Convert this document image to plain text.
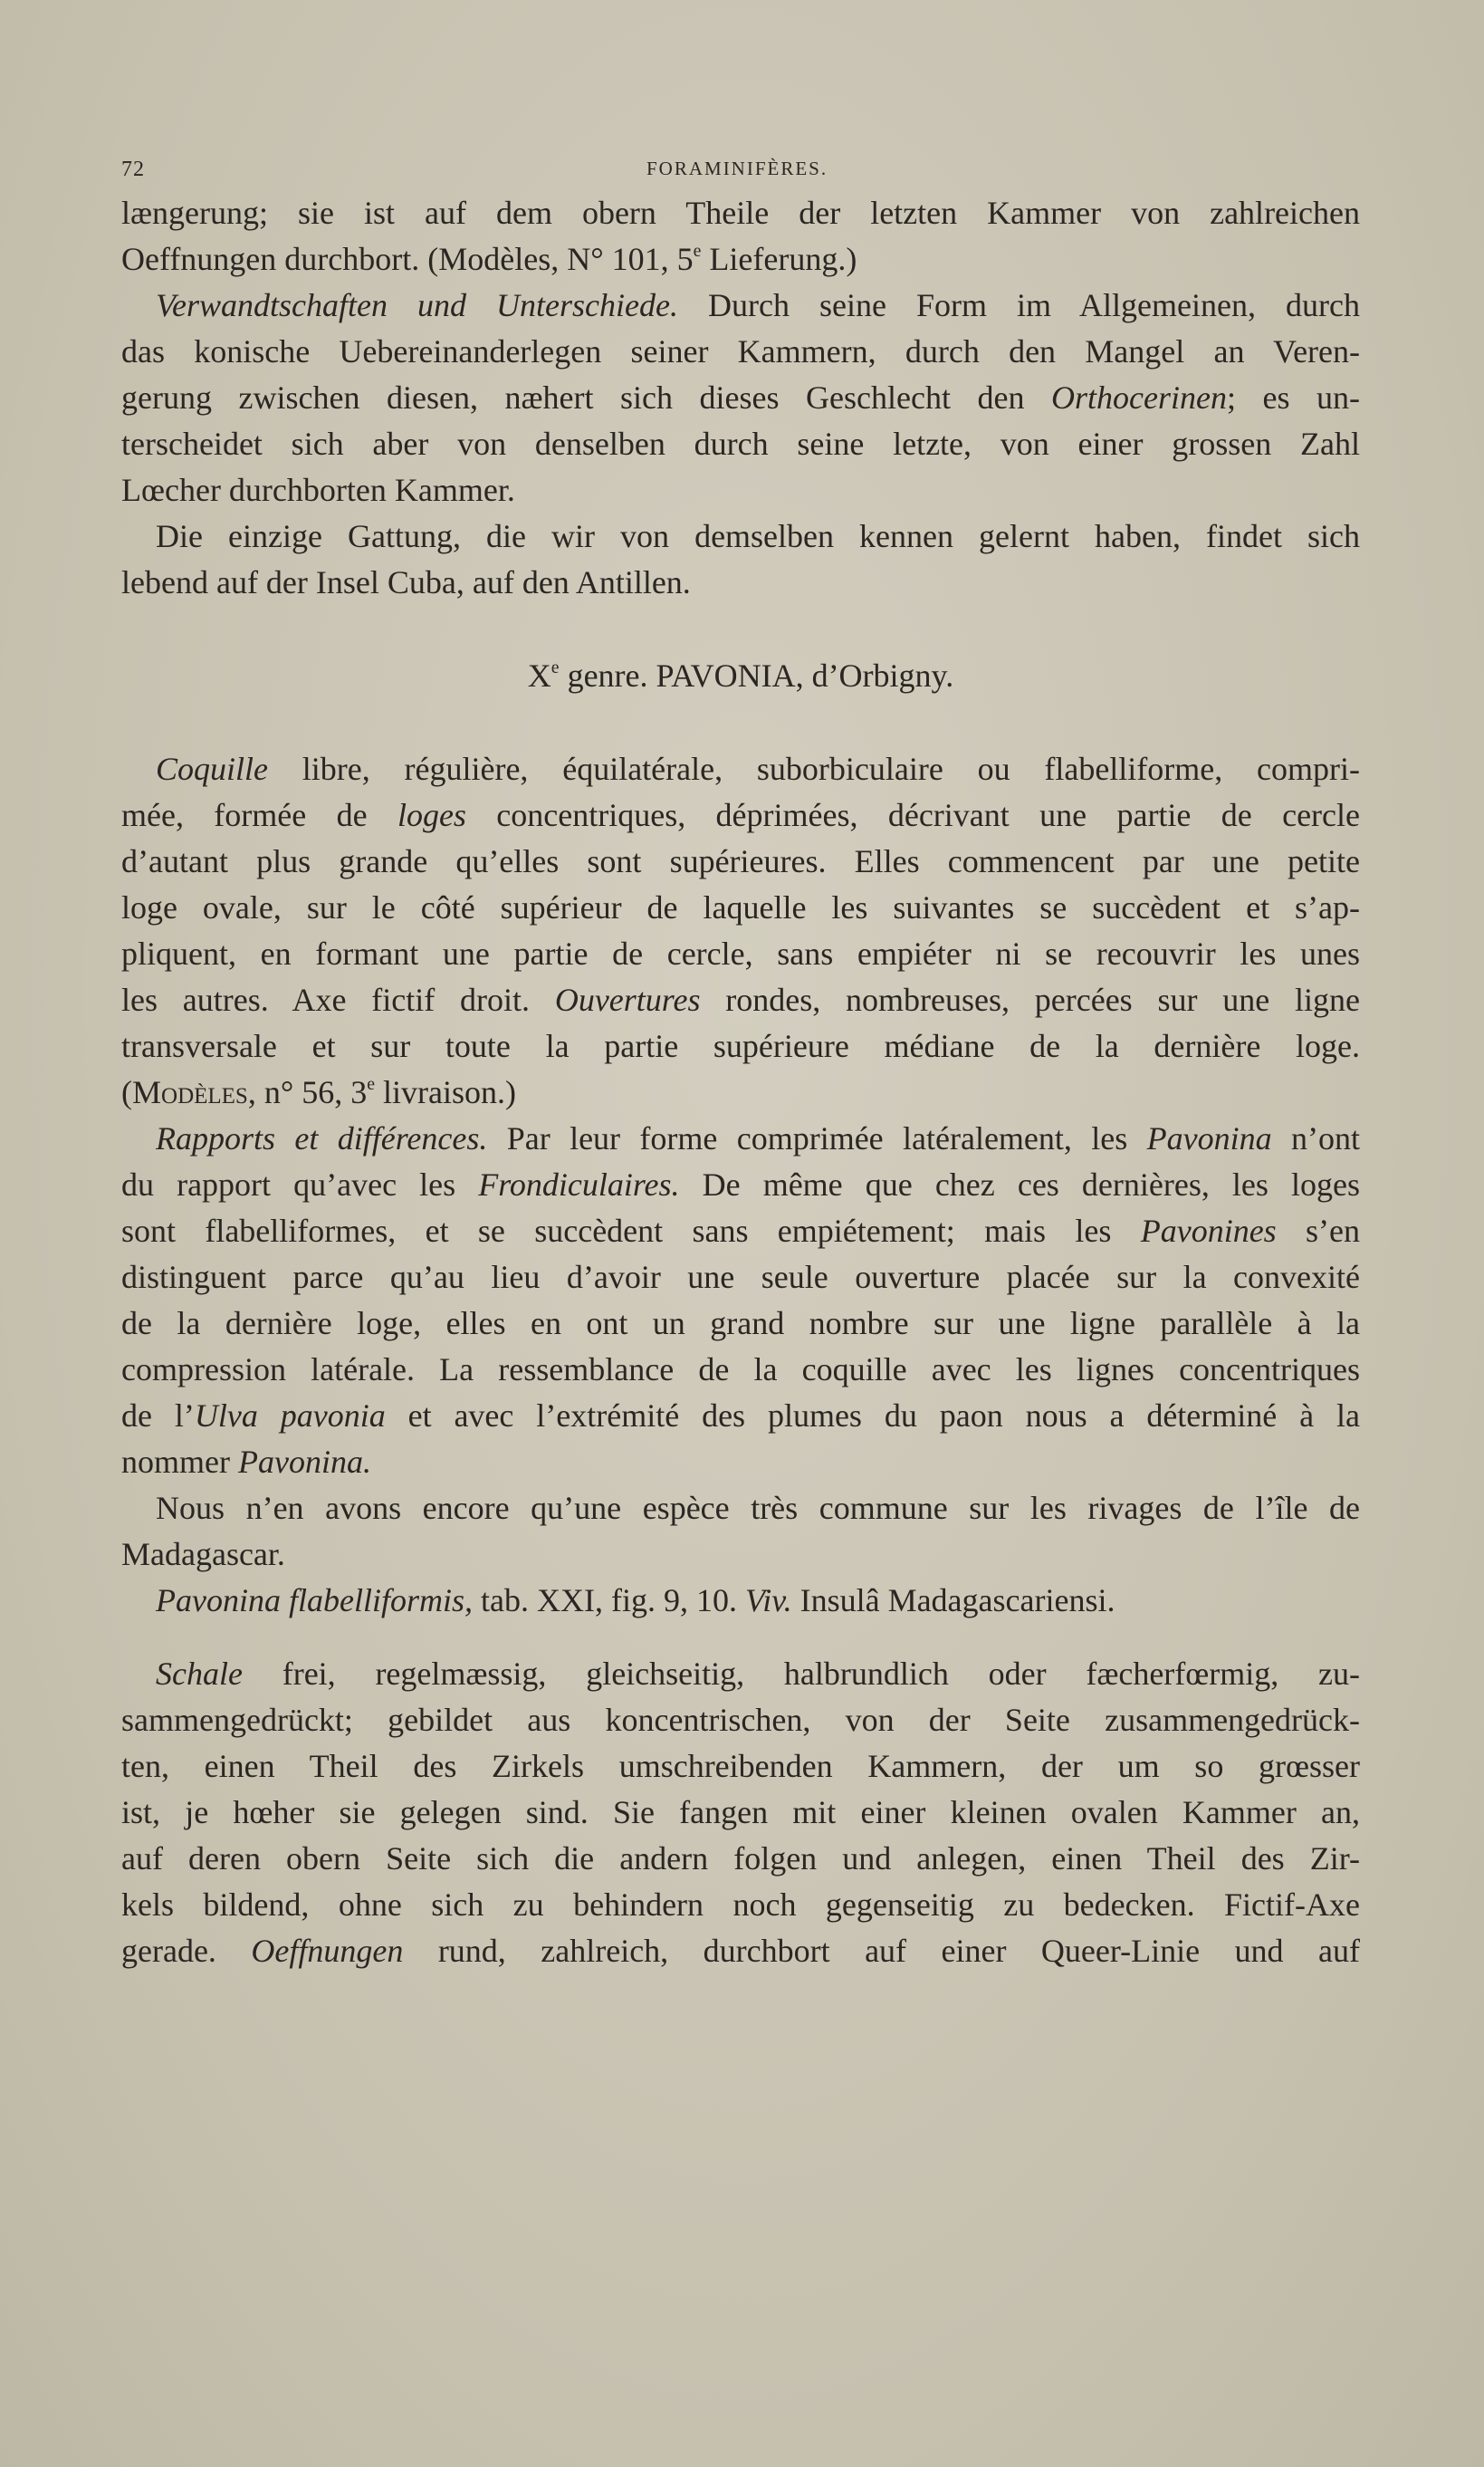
72	FORAMINIFÈRES.
længerung; sie ist auf dem obern Theile der letzten Kammer von zahlreichen
Oeffnungen durchbort. (Modèles, N° 101, 5e Lieferung.)
Verwandtschaften und Unterschiede. Durch seine Form im Allgemeinen, durch
das konische Uebereinanderlegen seiner Kammern, durch den Mangel an Veren-
gerung zwischen diesen, næhert sich dieses Geschlecht den Orthocerinen; es un-
terscheidet sich aber von denselben durch seine letzte, von einer grossen Zahl
Lœcher durchborten Kammer.
Die einzige Gattung, die wir von demselben kennen gelernt haben, findet sich
lebend auf der Insel Cuba, auf den Antillen.
Xe genre. PAVONIA, d’Orbigny.
Coquille libre, régulière, équilatérale, suborbiculaire ou flabelliforme, compri-
mée, formée de loges concentriques, déprimées, décrivant une partie de cercle
d’autant plus grande qu’elles sont supérieures. Elles commencent par une petite
loge ovale, sur le côté supérieur de laquelle les suivantes se succèdent et s’ap-
pliquent, en formant une partie de cercle, sans empiéter ni se recouvrir les unes
les autres. Axe fictif droit. Ouvertures rondes, nombreuses, percées sur une ligne
transversale et sur toute la partie supérieure médiane de la dernière loge.
(Modèles, n° 56, 3e livraison.)
Rapports et différences. Par leur forme comprimée latéralement, les Pavonina n’ont
du rapport qu’avec les Frondiculaires. De même que chez ces dernières, les loges
sont flabelliformes, et se succèdent sans empiétement; mais les Pavonines s’en
distinguent parce qu’au lieu d’avoir une seule ouverture placée sur la convexité
de la dernière loge, elles en ont un grand nombre sur une ligne parallèle à la
compression latérale. La ressemblance de la coquille avec les lignes concentriques
de l’Ulva pavonia et avec l’extrémité des plumes du paon nous a déterminé à la
nommer Pavonina.
Nous n’en avons encore qu’une espèce très commune sur les rivages de l’île de
Madagascar.
Pavonina flabelliformis, tab. XXI, fig. 9, 10. Viv. Insulâ Madagascariensi.
Schale frei, regelmæssig, gleichseitig, halbrundlich oder fæcherfœrmig, zu-
sammengedrückt; gebildet aus koncentrischen, von der Seite zusammengedrück-
ten, einen Theil des Zirkels umschreibenden Kammern, der um so grœsser
ist, je hœher sie gelegen sind. Sie fangen mit einer kleinen ovalen Kammer an,
auf deren obern Seite sich die andern folgen und anlegen, einen Theil des Zir-
kels bildend, ohne sich zu behindern noch gegenseitig zu bedecken. Fictif-Axe
gerade. Oeffnungen rund, zahlreich, durchbort auf einer Queer-Linie und auf
